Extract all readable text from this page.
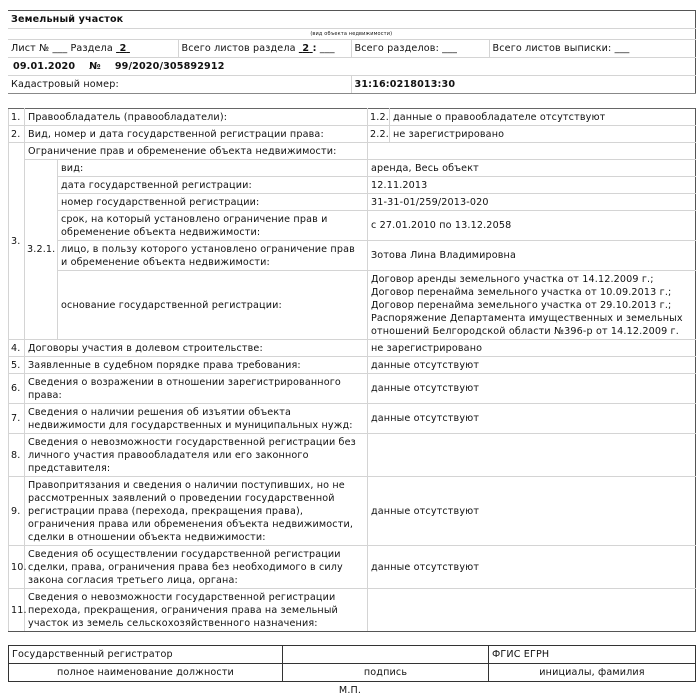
Земельный участок			
(вид объекта недвижимости)			
Лист № ___ Раздела 2	Всего листов раздела 2 : ___	Всего разделов: ___	Всего листов выписки: ___
09.01.2020 № 99/2020/305892912			
Кадастровый номер:		31:16:0218013:30	
1.	Правообладатель (правообладатели):		1.2.	данные о правообладателе отсутствуют
2.	Вид, номер и дата государственной регистрации права:		2.2.	не зарегистрировано
3.	Ограничение прав и обременение объекта недвижимости:			
	3.2.1.	вид:	аренда, Весь объект	
		дата государственной регистрации:	12.11.2013	
		номер государственной регистрации:	31-31-01/259/2013-020	
		срок, на который установлено ограничение прав и обременение объекта недвижимости:	с 27.01.2010 по 13.12.2058	
		лицо, в пользу которого установлено ограничение прав и обременение объекта недвижимости:	Зотова Лина Владимировна	
		основание государственной регистрации:	Договор аренды земельного участка от 14.12.2009 г.;
Договор перенайма земельного участка от 10.09.2013 г.;
Договор перенайма земельного участка от 29.10.2013 г.;
Распоряжение Департамента имущественных и земельных
отношений Белгородской области №396-р от 14.12.2009 г.	

4.	Договоры участия в долевом строительстве:		не зарегистрировано	
5.	Заявленные в судебном порядке права требования:		данные отсутствуют	
6.	Сведения о возражении в отношении зарегистрированного права:		данные отсутствуют	
7.	Сведения о наличии решения об изъятии объекта недвижимости для государственных и муниципальных нужд:		данные отсутствуют	
8.	Сведения о невозможности государственной регистрации без личного участия правообладателя или его законного представителя:			
9.	Правопритязания и сведения о наличии поступивших, но не рассмотренных заявлений о проведении государственной регистрации права (перехода, прекращения права), ограничения права или обременения объекта недвижимости, сделки в отношении объекта недвижимости:		данные отсутствуют	
10.	Сведения об осуществлении государственной регистрации сделки, права, ограничения права без необходимого в силу закона согласия третьего лица, органа:		данные отсутствуют	
11.	Сведения о невозможности государственной регистрации перехода, прекращения, ограничения права на земельный участок из земель сельскохозяйственного назначения:			
Государственный регистратор		ФГИС ЕГРН
полное наименование должности	подпись	инициалы, фамилия
М.П.
